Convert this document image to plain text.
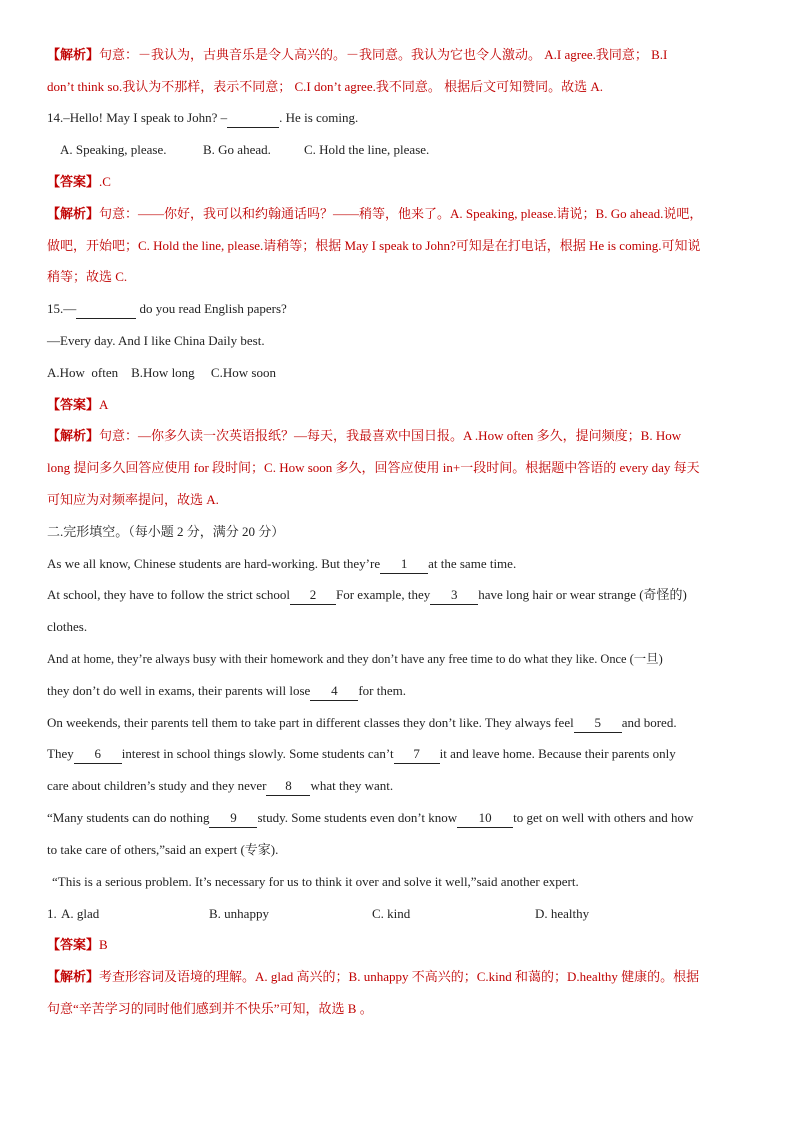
【解析】句意：－我认为，古典音乐是令人高兴的。－我同意。我认为它也令人激动。 A.I agree.我同意； B.I
don’t think so.我认为不那样，表示不同意； C.I don’t agree.我不同意。 根据后文可知赞同。故选 A.
14.–Hello! May I speak to John? –	. He is coming.
A. Speaking, please.	B. Go ahead.	C. Hold the line, please.
【答案】.C
【解析】句意：——你好，我可以和约翰通话吗？——稍等，他来了。A. Speaking, please.请说；B. Go ahead.说吧，
做吧，开始吧；C. Hold the line, please.请稍等；根据 May I speak to John?可知是在打电话，根据 He is coming.可知说
稍等；故选 C.
15.—	do you read English papers?
—Every day. And I like China Daily best.
A.How  often    B.How long     C.How soon
【答案】A
【解析】句意：—你多久读一次英语报纸？—每天，我最喜欢中国日报。A .How often 多久，提问频度；B. How
long 提问多久回答应使用 for 段时间；C. How soon 多久，回答应使用 in+一段时间。根据题中答语的 every day 每天
可知应为对频率提问，故选 A.
二.完形填空。（每小题 2 分，满分 20 分）
As we all know, Chinese students are hard-working. But they’re 1 at the same time.
At school, they have to follow the strict school 2 For example, they 3 have long hair or wear strange (奇怪的)
clothes.
And at home, they’re always busy with their homework and they don’t have any free time to do what they like. Once (一旦)
they don’t do well in exams, their parents will lose 4 for them.
On weekends, their parents tell them to take part in different classes they don’t like. They always feel 5 and bored.
They 6 interest in school things slowly. Some students can’t 7 it and leave home. Because their parents only
care about children’s study and they never 8 what they want.
“Many students can do nothing 9 study. Some students even don’t know 10 to get on well with others and how
to take care of others,”said an expert (专家).
“This is a serious problem. It’s necessary for us to think it over and solve it well,”said another expert.
1. A. glad	B. unhappy	C. kind	D. healthy
【答案】B
【解析】考查形容词及语境的理解。A. glad 高兴的；B. unhappy 不高兴的；C.kind 和蔼的；D.healthy 健康的。根据
句意“辛苦学习的同时他们感到并不快乐”可知，故选 B 。
